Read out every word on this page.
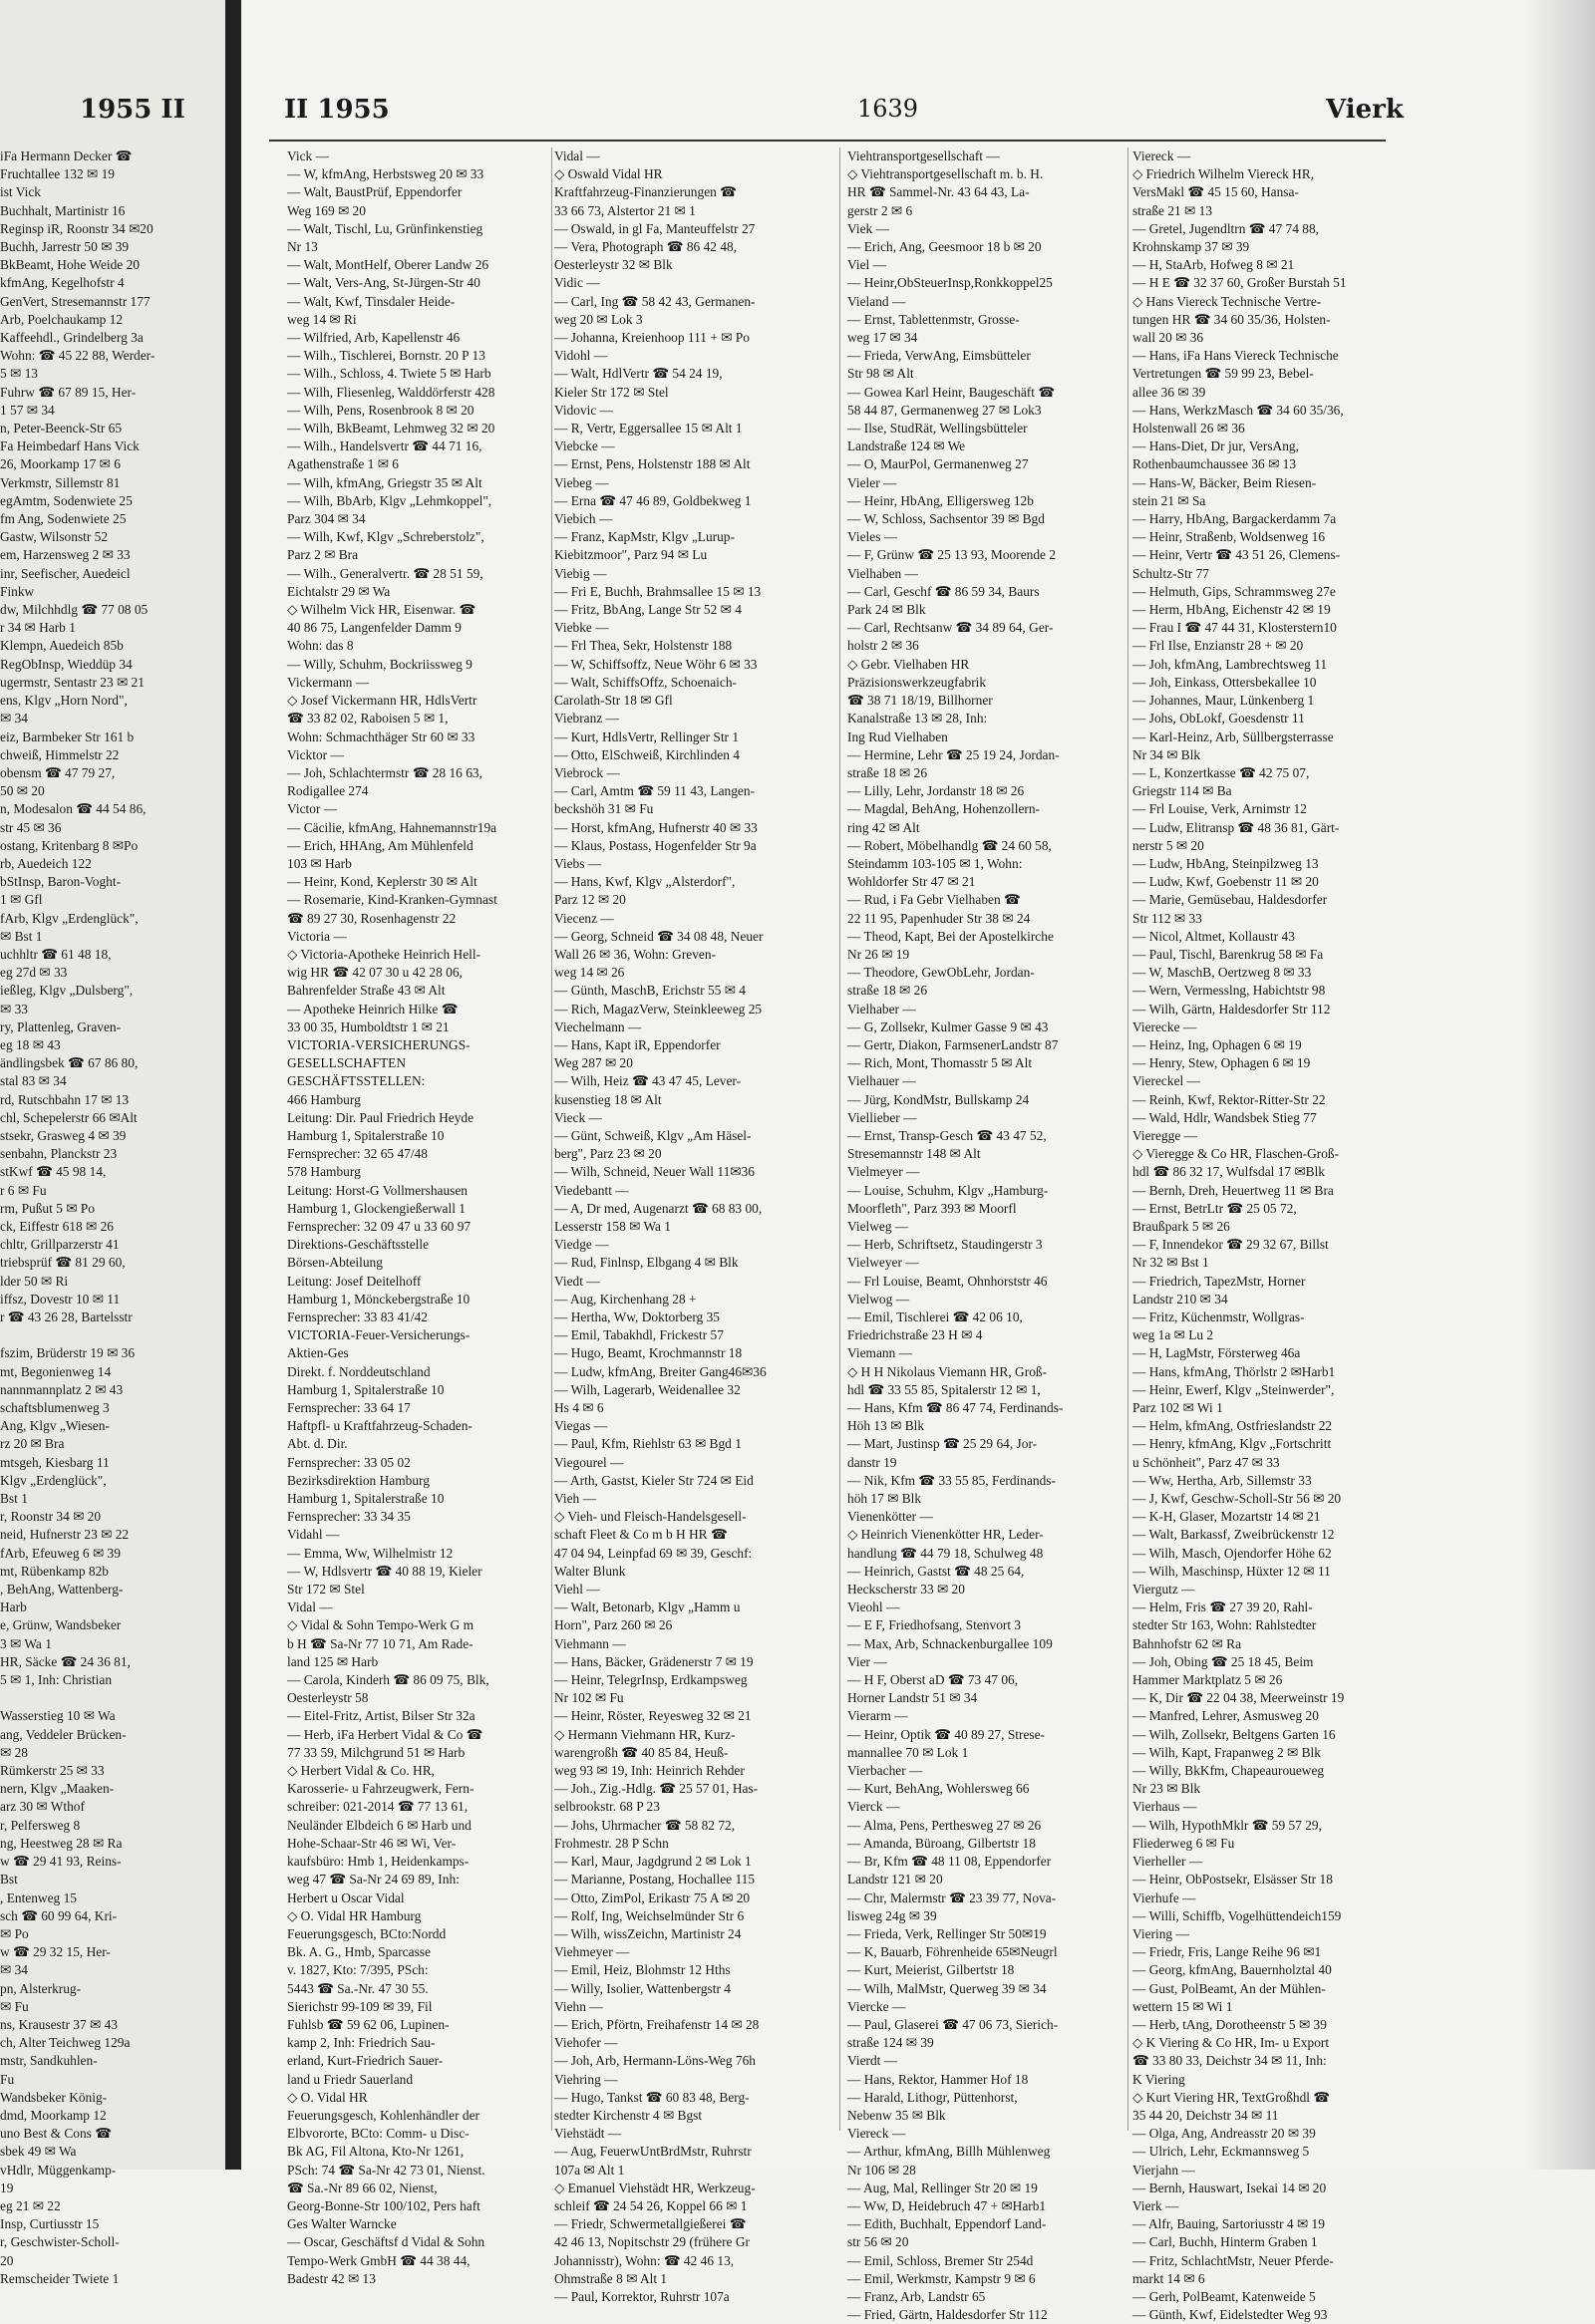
1955 II	II 1955	1639	Vierk
iFa Hermann Decker ☎
Fruchtallee 132 ✉ 19
ist Vick
Buchhalt, Martinistr 16
Reginsp iR, Roonstr 34 ✉20
Buchh, Jarrestr 50 ✉ 39
BkBeamt, Hohe Weide 20
kfmAng, Kegelhofstr 4
GenVert, Stresemannstr 177
Arb, Poelchaukamp 12
Kaffeehdl., Grindelberg 3a
Wohn: ☎ 45 22 88, Werder-
5 ✉ 13
Fuhrw ☎ 67 89 15, Her-
1 57 ✉ 34
n, Peter-Beenck-Str 65
Fa Heimbedarf Hans Vick
26, Moorkamp 17 ✉ 6
Verkmstr, Sillemstr 81
egAmtm, Sodenwiete 25
fm Ang, Sodenwiete 25
Gastw, Wilsonstr 52
em, Harzensweg 2 ✉ 33
inr, Seefischer, Auedeicl
Finkw
dw, Milchhdlg ☎ 77 08 05
r 34 ✉ Harb 1
Klempn, Auedeich 85b
RegObInsp, Wieddüp 34
ugermstr, Sentastr 23 ✉ 21
ens, Klgv „Horn Nord",
✉ 34
eiz, Barmbeker Str 161 b
chweiß, Himmelstr 22
obensm ☎ 47 79 27,
50 ✉ 20
n, Modesalon ☎ 44 54 86,
str 45 ✉ 36
ostang, Kritenbarg 8 ✉Po
rb, Auedeich 122
bStInsp, Baron-Voght-
1 ✉ Gfl
fArb, Klgv „Erdenglück",
✉ Bst 1
uchhltr ☎ 61 48 18,
eg 27d ✉ 33
ießleg, Klgv „Dulsberg",
✉ 33
ry, Plattenleg, Graven-
eg 18 ✉ 43
ändlingsbek ☎ 67 86 80,
stal 83 ✉ 34
rd, Rutschbahn 17 ✉ 13
chl, Schepelerstr 66 ✉Alt
stsekr, Grasweg 4 ✉ 39
senbahn, Planckstr 23
stKwf ☎ 45 98 14,
r 6 ✉ Fu
rm, Pußut 5 ✉ Po
ck, Eiffestr 618 ✉ 26
chltr, Grillparzerstr 41
triebsprüf ☎ 81 29 60,
lder 50 ✉ Ri
iffsz, Dovestr 10 ✉ 11
r ☎ 43 26 28, Bartelsstr

fszim, Brüderstr 19 ✉ 36
mt, Begonienweg 14
nannmannplatz 2 ✉ 43
schaftsblumenweg 3
Ang, Klgv „Wiesen-
rz 20 ✉ Bra
mtsgeh, Kiesbarg 11
Klgv „Erdenglück",
Bst 1
r, Roonstr 34 ✉ 20
neid, Hufnerstr 23 ✉ 22
fArb, Efeuweg 6 ✉ 39
mt, Rübenkamp 82b
, BehAng, Wattenberg-
Harb
e, Grünw, Wandsbeker
3 ✉ Wa 1
HR, Säcke ☎ 24 36 81,
5 ✉ 1, Inh: Christian

Wasserstieg 10 ✉ Wa
ang, Veddeler Brücken-
✉ 28
Rümkerstr 25 ✉ 33
nern, Klgv „Maaken-
arz 30 ✉ Wthof
r, Pelfersweg 8
ng, Heestweg 28 ✉ Ra
w ☎ 29 41 93, Reins-
Bst
, Entenweg 15
sch ☎ 60 99 64, Kri-
✉ Po
w ☎ 29 32 15, Her-
✉ 34
pn, Alsterkrug-
✉ Fu
ns, Krausestr 37 ✉ 43
ch, Alter Teichweg 129a
mstr, Sandkuhlen-
Fu
Wandsbeker König-
dmd, Moorkamp 12
uno Best & Cons ☎
sbek 49 ✉ Wa
vHdlr, Müggenkamp-
19
eg 21 ✉ 22
Insp, Curtiusstr 15
r, Geschwister-Scholl-
20
Remscheider Twiete 1
Vick —
— W, kfmAng, Herbstsweg 20 ✉ 33
— Walt, BaustPrüf, Eppendorfer
Weg 169 ✉ 20
— Walt, Tischl, Lu, Grünfinkenstieg
Nr 13
— Walt, MontHelf, Oberer Landw 26
— Walt, Vers-Ang, St-Jürgen-Str 40
— Walt, Kwf, Tinsdaler Heide-
weg 14 ✉ Ri
— Wilfried, Arb, Kapellenstr 46
— Wilh., Tischlerei, Bornstr. 20 P 13
— Wilh., Schloss, 4. Twiete 5 ✉ Harb
— Wilh, Fliesenleg, Walddörferstr 428
— Wilh, Pens, Rosenbrook 8 ✉ 20
— Wilh, BkBeamt, Lehmweg 32 ✉ 20
— Wilh., Handelsvertr ☎ 44 71 16,
Agathenstraße 1 ✉ 6
— Wilh, kfmAng, Griegstr 35 ✉ Alt
— Wilh, BbArb, Klgv „Lehmkoppel",
Parz 304 ✉ 34
— Wilh, Kwf, Klgv „Schreberstolz",
Parz 2 ✉ Bra
— Wilh., Generalvertr. ☎ 28 51 59,
Eichtalstr 29 ✉ Wa
◇ Wilhelm Vick HR, Eisenwar. ☎
40 86 75, Langenfelder Damm 9
Wohn: das 8
— Willy, Schuhm, Bockriissweg 9
Vickermann —
◇ Josef Vickermann HR, HdlsVertr
☎ 33 82 02, Raboisen 5 ✉ 1,
Wohn: Schmachthäger Str 60 ✉ 33
Vicktor —
— Joh, Schlachtermstr ☎ 28 16 63,
Rodigallee 274
Victor —
— Cäcilie, kfmAng, Hahnemannstr19a
— Erich, HHAng, Am Mühlenfeld
103 ✉ Harb
— Heinr, Kond, Keplerstr 30 ✉ Alt
— Rosemarie, Kind-Kranken-Gymnast
☎ 89 27 30, Rosenhagenstr 22
Victoria —
◇ Victoria-Apotheke Heinrich Hell-
wig HR ☎ 42 07 30 u 42 28 06,
Bahrenfelder Straße 43 ✉ Alt
— Apotheke Heinrich Hilke ☎
33 00 35, Humboldtstr 1 ✉ 21
VICTORIA-VERSICHERUNGS-
GESELLSCHAFTEN
GESCHÄFTSSTELLEN:
466 Hamburg
Leitung: Dir. Paul Friedrich Heyde
Hamburg 1, Spitalerstraße 10
Fernsprecher: 32 65 47/48
578 Hamburg
Leitung: Horst-G Vollmershausen
Hamburg 1, Glockengießerwall 1
Fernsprecher: 32 09 47 u 33 60 97
Direktions-Geschäftsstelle
Börsen-Abteilung
Leitung: Josef Deitelhoff
Hamburg 1, Mönckebergstraße 10
Fernsprecher: 33 83 41/42
VICTORIA-Feuer-Versicherungs-
Aktien-Ges
Direkt. f. Norddeutschland
Hamburg 1, Spitalerstraße 10
Fernsprecher: 33 64 17
Haftpfl- u Kraftfahrzeug-Schaden-
Abt. d. Dir.
Fernsprecher: 33 05 02
Bezirksdirektion Hamburg
Hamburg 1, Spitalerstraße 10
Fernsprecher: 33 34 35
Vidahl —
— Emma, Ww, Wilhelmistr 12
— W, Hdlsvertr ☎ 40 88 19, Kieler
Str 172 ✉ Stel
Vidal —
◇ Vidal & Sohn Tempo-Werk G m
b H ☎ Sa-Nr 77 10 71, Am Rade-
land 125 ✉ Harb
— Carola, Kinderh ☎ 86 09 75, Blk,
Oesterleystr 58
— Eitel-Fritz, Artist, Bilser Str 32a
— Herb, iFa Herbert Vidal & Co ☎
77 33 59, Milchgrund 51 ✉ Harb
◇ Herbert Vidal & Co. HR,
Karosserie- u Fahrzeugwerk, Fern-
schreiber: 021-2014 ☎ 77 13 61,
Neuländer Elbdeich 6 ✉ Harb und
Hohe-Schaar-Str 46 ✉ Wi, Ver-
kaufsbüro: Hmb 1, Heidenkamps-
weg 47 ☎ Sa-Nr 24 69 89, Inh:
Herbert u Oscar Vidal
◇ O. Vidal HR Hamburg
Feuerungsgesch, BCto:Nordd
Bk. A. G., Hmb, Sparcasse
v. 1827, Kto: 7/395, PSch:
5443 ☎ Sa.-Nr. 47 30 55.
Sierichstr 99-109 ✉ 39, Fil
Fuhlsb ☎ 59 62 06, Lupinen-
kamp 2, Inh: Friedrich Sau-
erland, Kurt-Friedrich Sauer-
land u Friedr Sauerland
◇ O. Vidal HR
Feuerungsgesch, Kohlenhändler der
Elbvororte, BCto: Comm- u Disc-
Bk AG, Fil Altona, Kto-Nr 1261,
PSch: 74 ☎ Sa-Nr 42 73 01, Nienst.
☎ Sa.-Nr 89 66 02, Nienst,
Georg-Bonne-Str 100/102, Pers haft
Ges Walter Warncke
— Oscar, Geschäftsf d Vidal & Sohn
Tempo-Werk GmbH ☎ 44 38 44,
Badestr 42 ✉ 13
Vidal —
◇ Oswald Vidal HR
Kraftfahrzeug-Finanzierungen ☎
33 66 73, Alstertor 21 ✉ 1
— Oswald, in gl Fa, Manteuffelstr 27
— Vera, Photograph ☎ 86 42 48,
Oesterleystr 32 ✉ Blk
Vidic —
— Carl, Ing ☎ 58 42 43, Germanen-
weg 20 ✉ Lok 3
— Johanna, Kreienhoop 111 + ✉ Po
Vidohl —
— Walt, HdlVertr ☎ 54 24 19,
Kieler Str 172 ✉ Stel
Vidovic —
— R, Vertr, Eggersallee 15 ✉ Alt 1
Viebcke —
— Ernst, Pens, Holstenstr 188 ✉ Alt
Viebeg —
— Erna ☎ 47 46 89, Goldbekweg 1
Viebich —
— Franz, KapMstr, Klgv „Lurup-
Kiebitzmoor", Parz 94 ✉ Lu
Viebig —
— Fri E, Buchh, Brahmsallee 15 ✉ 13
— Fritz, BbAng, Lange Str 52 ✉ 4
Viebke —
— Frl Thea, Sekr, Holstenstr 188
— W, Schiffsoffz, Neue Wöhr 6 ✉ 33
— Walt, SchiffsOffz, Schoenaich-
Carolath-Str 18 ✉ Gfl
Viebranz —
— Kurt, HdlsVertr, Rellinger Str 1
— Otto, ElSchweiß, Kirchlinden 4
Viebrock —
— Carl, Amtm ☎ 59 11 43, Langen-
beckshöh 31 ✉ Fu
— Horst, kfmAng, Hufnerstr 40 ✉ 33
— Klaus, Postass, Hogenfelder Str 9a
Viebs —
— Hans, Kwf, Klgv „Alsterdorf",
Parz 12 ✉ 20
Viecenz —
— Georg, Schneid ☎ 34 08 48, Neuer
Wall 26 ✉ 36, Wohn: Greven-
weg 14 ✉ 26
— Günth, MaschB, Erichstr 55 ✉ 4
— Rich, MagazVerw, Steinkleeweg 25
Viechelmann —
— Hans, Kapt iR, Eppendorfer
Weg 287 ✉ 20
— Wilh, Heiz ☎ 43 47 45, Lever-
kusenstieg 18 ✉ Alt
Vieck —
— Günt, Schweiß, Klgv „Am Häsel-
berg", Parz 23 ✉ 20
— Wilh, Schneid, Neuer Wall 11✉36
Viedebantt —
— A, Dr med, Augenarzt ☎ 68 83 00,
Lesserstr 158 ✉ Wa 1
Viedge —
— Rud, Finlnsp, Elbgang 4 ✉ Blk
Viedt —
— Aug, Kirchenhang 28 +
— Hertha, Ww, Doktorberg 35
— Emil, Tabakhdl, Frickestr 57
— Hugo, Beamt, Krochmannstr 18
— Ludw, kfmAng, Breiter Gang46✉36
— Wilh, Lagerarb, Weidenallee 32
Hs 4 ✉ 6
Viegas —
— Paul, Kfm, Riehlstr 63 ✉ Bgd 1
Viegourel —
— Arth, Gastst, Kieler Str 724 ✉ Eid
Vieh —
◇ Vieh- und Fleisch-Handelsgesell-
schaft Fleet & Co m b H HR ☎
47 04 94, Leinpfad 69 ✉ 39, Geschf:
Walter Blunk
Viehl —
— Walt, Betonarb, Klgv „Hamm u
Horn", Parz 260 ✉ 26
Viehmann —
— Hans, Bäcker, Grädenerstr 7 ✉ 19
— Heinr, TelegrInsp, Erdkampsweg
Nr 102 ✉ Fu
— Heinr, Röster, Reyesweg 32 ✉ 21
◇ Hermann Viehmann HR, Kurz-
warengroßh ☎ 40 85 84, Heuß-
weg 93 ✉ 19, Inh: Heinrich Rehder
— Joh., Zig.-Hdlg. ☎ 25 57 01, Has-
selbrookstr. 68 P 23
— Johs, Uhrmacher ☎ 58 82 72,
Frohmestr. 28 P Schn
— Karl, Maur, Jagdgrund 2 ✉ Lok 1
— Marianne, Postang, Hochallee 115
— Otto, ZimPol, Erikastr 75 A ✉ 20
— Rolf, Ing, Weichselmünder Str 6
— Wilh, wissZeichn, Martinistr 24
Viehmeyer —
— Emil, Heiz, Blohmstr 12 Hths
— Willy, Isolier, Wattenbergstr 4
Viehn —
— Erich, Pförtn, Freihafenstr 14 ✉ 28
Viehofer —
— Joh, Arb, Hermann-Löns-Weg 76h
Viehring —
— Hugo, Tankst ☎ 60 83 48, Berg-
stedter Kirchenstr 4 ✉ Bgst
Viehstädt —
— Aug, FeuerwUntBrdMstr, Ruhrstr
107a ✉ Alt 1
◇ Emanuel Viehstädt HR, Werkzeug-
schleif ☎ 24 54 26, Koppel 66 ✉ 1
— Friedr, Schwermetallgießerei ☎
42 46 13, Nopitschstr 29 (frühere Gr
Johannisstr), Wohn: ☎ 42 46 13,
Ohmstraße 8 ✉ Alt 1
— Paul, Korrektor, Ruhrstr 107a
Viehtransportgesellschaft —
◇ Viehtransportgesellschaft m. b. H.
HR ☎ Sammel-Nr. 43 64 43, La-
gerstr 2 ✉ 6
Viek —
— Erich, Ang, Geesmoor 18 b ✉ 20
Viel —
— Heinr,ObSteuerInsp,Ronkkoppel25
Vieland —
— Ernst, Tablettenmstr, Grosse-
weg 17 ✉ 34
— Frieda, VerwAng, Eimsbütteler
Str 98 ✉ Alt
— Gowea Karl Heinr, Baugeschäft ☎
58 44 87, Germanenweg 27 ✉ Lok3
— Ilse, StudRät, Wellingsbütteler
Landstraße 124 ✉ We
— O, MaurPol, Germanenweg 27
Vieler —
— Heinr, HbAng, Elligersweg 12b
— W, Schloss, Sachsentor 39 ✉ Bgd
Vieles —
— F, Grünw ☎ 25 13 93, Moorende 2
Vielhaben —
— Carl, Geschf ☎ 86 59 34, Baurs
Park 24 ✉ Blk
— Carl, Rechtsanw ☎ 34 89 64, Ger-
holstr 2 ✉ 36
◇ Gebr. Vielhaben HR
Präzisionswerkzeugfabrik
☎ 38 71 18/19, Billhorner
Kanalstraße 13 ✉ 28, Inh:
Ing Rud Vielhaben
— Hermine, Lehr ☎ 25 19 24, Jordan-
straße 18 ✉ 26
— Lilly, Lehr, Jordanstr 18 ✉ 26
— Magdal, BehAng, Hohenzollern-
ring 42 ✉ Alt
— Robert, Möbelhandlg ☎ 24 60 58,
Steindamm 103-105 ✉ 1, Wohn:
Wohldorfer Str 47 ✉ 21
— Rud, i Fa Gebr Vielhaben ☎
22 11 95, Papenhuder Str 38 ✉ 24
— Theod, Kapt, Bei der Apostelkirche
Nr 26 ✉ 19
— Theodore, GewObLehr, Jordan-
straße 18 ✉ 26
Vielhaber —
— G, Zollsekr, Kulmer Gasse 9 ✉ 43
— Gertr, Diakon, FarmsenerLandstr 87
— Rich, Mont, Thomasstr 5 ✉ Alt
Vielhauer —
— Jürg, KondMstr, Bullskamp 24
Viellieber —
— Ernst, Transp-Gesch ☎ 43 47 52,
Stresemannstr 148 ✉ Alt
Vielmeyer —
— Louise, Schuhm, Klgv „Hamburg-
Moorfleth", Parz 393 ✉ Moorfl
Vielweg —
— Herb, Schriftsetz, Staudingerstr 3
Vielweyer —
— Frl Louise, Beamt, Ohnhorststr 46
Vielwog —
— Emil, Tischlerei ☎ 42 06 10,
Friedrichstraße 23 H ✉ 4
Viemann —
◇ H H Nikolaus Viemann HR, Groß-
hdl ☎ 33 55 85, Spitalerstr 12 ✉ 1,
— Hans, Kfm ☎ 86 47 74, Ferdinands-
Höh 13 ✉ Blk
— Mart, Justinsp ☎ 25 29 64, Jor-
danstr 19
— Nik, Kfm ☎ 33 55 85, Ferdinands-
höh 17 ✉ Blk
Vienenkötter —
◇ Heinrich Vienenkötter HR, Leder-
handlung ☎ 44 79 18, Schulweg 48
— Heinrich, Gastst ☎ 48 25 64,
Heckscherstr 33 ✉ 20
Vieohl —
— E F, Friedhofsang, Stenvort 3
— Max, Arb, Schnackenburgallee 109
Vier —
— H F, Oberst aD ☎ 73 47 06,
Horner Landstr 51 ✉ 34
Vierarm —
— Heinr, Optik ☎ 40 89 27, Strese-
mannallee 70 ✉ Lok 1
Vierbacher —
— Kurt, BehAng, Wohlersweg 66
Vierck —
— Alma, Pens, Perthesweg 27 ✉ 26
— Amanda, Büroang, Gilbertstr 18
— Br, Kfm ☎ 48 11 08, Eppendorfer
Landstr 121 ✉ 20
— Chr, Malermstr ☎ 23 39 77, Nova-
lisweg 24g ✉ 39
— Frieda, Verk, Rellinger Str 50✉19
— K, Bauarb, Föhrenheide 65✉Neugrl
— Kurt, Meierist, Gilbertstr 18
— Wilh, MalMstr, Querweg 39 ✉ 34
Viercke —
— Paul, Glaserei ☎ 47 06 73, Sierich-
straße 124 ✉ 39
Vierdt —
— Hans, Rektor, Hammer Hof 18
— Harald, Lithogr, Püttenhorst,
Nebenw 35 ✉ Blk
Viereck —
— Arthur, kfmAng, Billh Mühlenweg
Nr 106 ✉ 28
— Aug, Mal, Rellinger Str 20 ✉ 19
— Ww, D, Heidebruch 47 + ✉Harb1
— Edith, Buchhalt, Eppendorf Land-
str 56 ✉ 20
— Emil, Schloss, Bremer Str 254d
— Emil, Werkmstr, Kampstr 9 ✉ 6
— Franz, Arb, Landstr 65
— Fried, Gärtn, Haldesdorfer Str 112
Viereck —
◇ Friedrich Wilhelm Viereck HR,
VersMakl ☎ 45 15 60, Hansa-
straße 21 ✉ 13
— Gretel, Jugendltrn ☎ 47 74 88,
Krohnskamp 37 ✉ 39
— H, StaArb, Hofweg 8 ✉ 21
— H E ☎ 32 37 60, Großer Burstah 51
◇ Hans Viereck Technische Vertre-
tungen HR ☎ 34 60 35/36, Holsten-
wall 20 ✉ 36
— Hans, iFa Hans Viereck Technische
Vertretungen ☎ 59 99 23, Bebel-
allee 36 ✉ 39
— Hans, WerkzMasch ☎ 34 60 35/36,
Holstenwall 26 ✉ 36
— Hans-Diet, Dr jur, VersAng,
Rothenbaumchaussee 36 ✉ 13
— Hans-W, Bäcker, Beim Riesen-
stein 21 ✉ Sa
— Harry, HbAng, Bargackerdamm 7a
— Heinr, Straßenb, Woldsenweg 16
— Heinr, Vertr ☎ 43 51 26, Clemens-
Schultz-Str 77
— Helmuth, Gips, Schrammsweg 27e
— Herm, HbAng, Eichenstr 42 ✉ 19
— Frau I ☎ 47 44 31, Klosterstern10
— Frl Ilse, Enzianstr 28 + ✉ 20
— Joh, kfmAng, Lambrechtsweg 11
— Joh, Einkass, Ottersbekallee 10
— Johannes, Maur, Lünkenberg 1
— Johs, ObLokf, Goesdenstr 11
— Karl-Heinz, Arb, Süllbergsterrasse
Nr 34 ✉ Blk
— L, Konzertkasse ☎ 42 75 07,
Griegstr 114 ✉ Ba
— Frl Louise, Verk, Arnimstr 12
— Ludw, Elitransp ☎ 48 36 81, Gärt-
nerstr 5 ✉ 20
— Ludw, HbAng, Steinpilzweg 13
— Ludw, Kwf, Goebenstr 11 ✉ 20
— Marie, Gemüsebau, Haldesdorfer
Str 112 ✉ 33
— Nicol, Altmet, Kollaustr 43
— Paul, Tischl, Barenkrug 58 ✉ Fa
— W, MaschB, Oertzweg 8 ✉ 33
— Wern, Vermesslng, Habichtstr 98
— Wilh, Gärtn, Haldesdorfer Str 112
Viereckе —
— Heinz, Ing, Ophagen 6 ✉ 19
— Henry, Stew, Ophagen 6 ✉ 19
Viereckel —
— Reinh, Kwf, Rektor-Ritter-Str 22
— Wald, Hdlr, Wandsbek Stieg 77
Vieregge —
◇ Vieregge & Co HR, Flaschen-Groß-
hdl ☎ 86 32 17, Wulfsdal 17 ✉Blk
— Bernh, Dreh, Heuertweg 11 ✉ Bra
— Ernst, BetrLtr ☎ 25 05 72,
Braußpark 5 ✉ 26
— F, Innendekor ☎ 29 32 67, Billst
Nr 32 ✉ Bst 1
— Friedrich, TapezMstr, Horner
Landstr 210 ✉ 34
— Fritz, Küchenmstr, Wollgras-
weg 1a ✉ Lu 2
— H, LagMstr, Försterweg 46a
— Hans, kfmAng, Thörlstr 2 ✉Harb1
— Heinr, Ewerf, Klgv „Steinwerder",
Parz 102 ✉ Wi 1
— Helm, kfmAng, Ostfrieslandstr 22
— Henry, kfmAng, Klgv „Fortschritt
u Schönheit", Parz 47 ✉ 33
— Ww, Hertha, Arb, Sillemstr 33
— J, Kwf, Geschw-Scholl-Str 56 ✉ 20
— K-H, Glaser, Mozartstr 14 ✉ 21
— Walt, Barkassf, Zweibrückenstr 12
— Wilh, Masch, Ojendorfer Höhe 62
— Wilh, Maschinsp, Hüxter 12 ✉ 11
Viergutz —
— Helm, Fris ☎ 27 39 20, Rahl-
stedter Str 163, Wohn: Rahlstedter
Bahnhofstr 62 ✉ Ra
— Joh, Obing ☎ 25 18 45, Beim
Hammer Marktplatz 5 ✉ 26
— K, Dir ☎ 22 04 38, Meerweinstr 19
— Manfred, Lehrer, Asmusweg 20
— Wilh, Zollsekr, Beltgens Garten 16
— Wilh, Kapt, Frapanweg 2 ✉ Blk
— Willy, BkKfm, Chapeauroueweg
Nr 23 ✉ Blk
Vierhaus —
— Wilh, HypothMklr ☎ 59 57 29,
Fliederweg 6 ✉ Fu
Vierheller —
— Heinr, ObPostsekr, Elsässer Str 18
Vierhufe —
— Willi, Schiffb, Vogelhüttendeich159
Viering —
— Friedr, Fris, Lange Reihe 96 ✉1
— Georg, kfmAng, Bauernholztal 40
— Gust, PolBeamt, An der Mühlen-
wettern 15 ✉ Wi 1
— Herb, tAng, Dorotheenstr 5 ✉ 39
◇ K Viering & Co HR, Im- u Export
☎ 33 80 33, Deichstr 34 ✉ 11, Inh:
K Viering
◇ Kurt Viering HR, TextGroßhdl ☎
35 44 20, Deichstr 34 ✉ 11
— Olga, Ang, Andreasstr 20 ✉ 39
— Ulrich, Lehr, Eckmannsweg 5
Vierjahn —
— Bernh, Hauswart, Isekai 14 ✉ 20
Vierk —
— Alfr, Bauing, Sartoriusstr 4 ✉ 19
— Carl, Buchh, Hinterm Graben 1
— Fritz, SchlachtMstr, Neuer Pferde-
markt 14 ✉ 6
— Gerh, PolBeamt, Katenweide 5
— Günth, Kwf, Eidelstedter Weg 93
